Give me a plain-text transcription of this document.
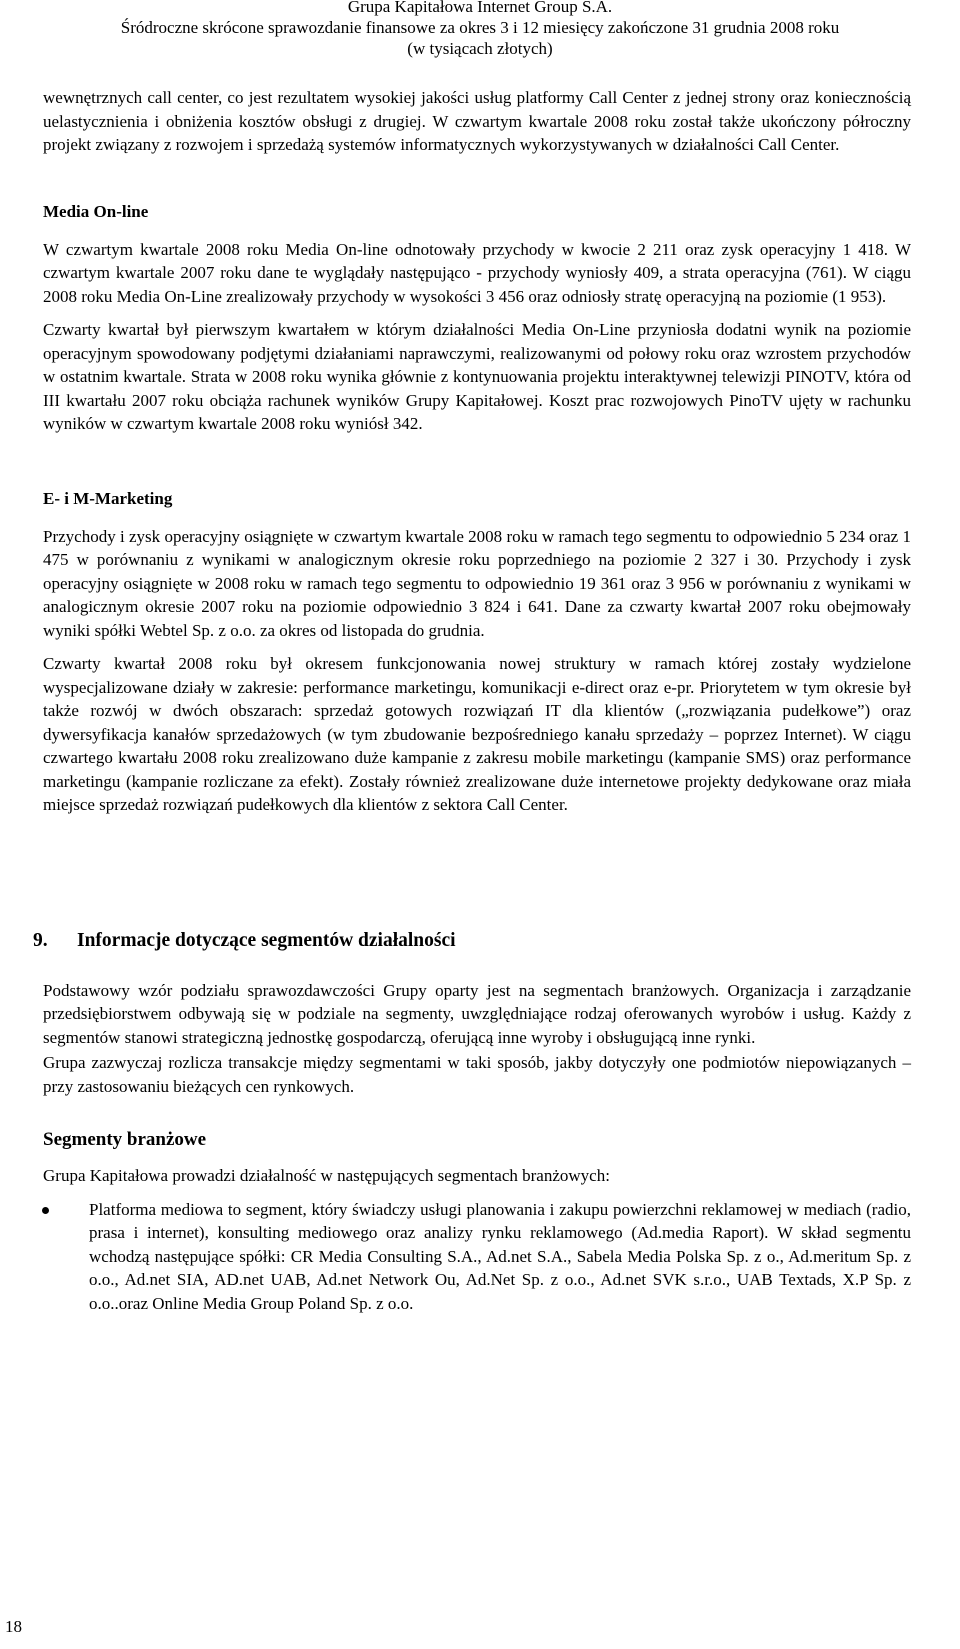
Grupa Kapitałowa Internet Group S.A.
Śródroczne skrócone sprawozdanie finansowe za okres 3 i 12 miesięcy zakończone 31 grudnia 2008 roku
(w tysiącach złotych)

wewnętrznych call center, co jest rezultatem wysokiej jakości usług platformy Call Center z jednej strony oraz koniecznością uelastycznienia i obniżenia kosztów obsługi z drugiej. W czwartym kwartale 2008 roku został także ukończony półroczny projekt związany z rozwojem i sprzedażą systemów informatycznych wykorzystywanych w działalności Call Center.

Media On-line

W czwartym kwartale 2008 roku Media On-line odnotowały przychody w kwocie 2 211 oraz zysk operacyjny 1 418. W czwartym kwartale 2007 roku dane te wyglądały następująco - przychody wyniosły 409, a strata operacyjna (761). W ciągu 2008 roku Media On-Line zrealizowały przychody w wysokości 3 456 oraz odniosły stratę operacyjną na poziomie (1 953).

Czwarty kwartał był pierwszym kwartałem w którym działalności Media On-Line przyniosła dodatni wynik na poziomie operacyjnym spowodowany podjętymi działaniami naprawczymi, realizowanymi od połowy roku oraz wzrostem przychodów w ostatnim kwartale. Strata w 2008 roku wynika głównie z kontynuowania projektu interaktywnej telewizji PINOTV, która od III kwartału 2007 roku obciąża rachunek wyników Grupy Kapitałowej. Koszt prac rozwojowych PinoTV ujęty w rachunku wyników w czwartym kwartale 2008 roku wyniósł 342.

E- i M-Marketing

Przychody i zysk operacyjny osiągnięte w czwartym kwartale 2008 roku w ramach tego segmentu to odpowiednio 5 234 oraz 1 475 w porównaniu z wynikami w analogicznym okresie roku poprzedniego na poziomie 2 327 i 30. Przychody i zysk operacyjny osiągnięte w 2008 roku w ramach tego segmentu to odpowiednio 19 361 oraz 3 956 w porównaniu z wynikami w analogicznym okresie 2007 roku na poziomie odpowiednio 3 824 i 641. Dane za czwarty kwartał 2007 roku obejmowały wyniki spółki Webtel Sp. z o.o. za okres od listopada do grudnia.

Czwarty kwartał 2008 roku był okresem funkcjonowania nowej struktury w ramach której zostały wydzielone wyspecjalizowane działy w zakresie: performance marketingu, komunikacji e-direct oraz e-pr. Priorytetem w tym okresie był także rozwój w dwóch obszarach: sprzedaż gotowych rozwiązań IT dla klientów („rozwiązania pudełkowe”) oraz dywersyfikacja kanałów sprzedażowych (w tym zbudowanie bezpośredniego kanału sprzedaży – poprzez Internet). W ciągu czwartego kwartału 2008 roku zrealizowano duże kampanie z zakresu mobile marketingu (kampanie SMS) oraz performance marketingu (kampanie rozliczane za efekt). Zostały również zrealizowane duże internetowe projekty dedykowane oraz miała miejsce sprzedaż rozwiązań pudełkowych dla klientów z sektora Call Center.

9.	Informacje dotyczące segmentów działalności

Podstawowy wzór podziału sprawozdawczości Grupy oparty jest na segmentach branżowych. Organizacja i zarządzanie przedsiębiorstwem odbywają się w podziale na segmenty, uwzględniające rodzaj oferowanych wyrobów i usług. Każdy z segmentów stanowi strategiczną jednostkę gospodarczą, oferującą inne wyroby i obsługującą inne rynki.

Grupa zazwyczaj rozlicza transakcje między segmentami w taki sposób, jakby dotyczyły one podmiotów niepowiązanych – przy zastosowaniu bieżących cen rynkowych.

Segmenty branżowe

Grupa Kapitałowa prowadzi działalność w następujących segmentach branżowych:

Platforma mediowa to segment, który świadczy usługi planowania i zakupu powierzchni reklamowej w mediach (radio, prasa i internet), konsulting mediowego oraz analizy rynku reklamowego (Ad.media Raport). W skład segmentu wchodzą następujące spółki: CR Media Consulting S.A., Ad.net S.A., Sabela Media Polska Sp. z o., Ad.meritum Sp. z o.o., Ad.net SIA, AD.net UAB, Ad.net Network Ou, Ad.Net Sp. z o.o., Ad.net SVK s.r.o., UAB Textads, X.P Sp. z o.o..oraz Online Media Group Poland Sp. z o.o.
18
